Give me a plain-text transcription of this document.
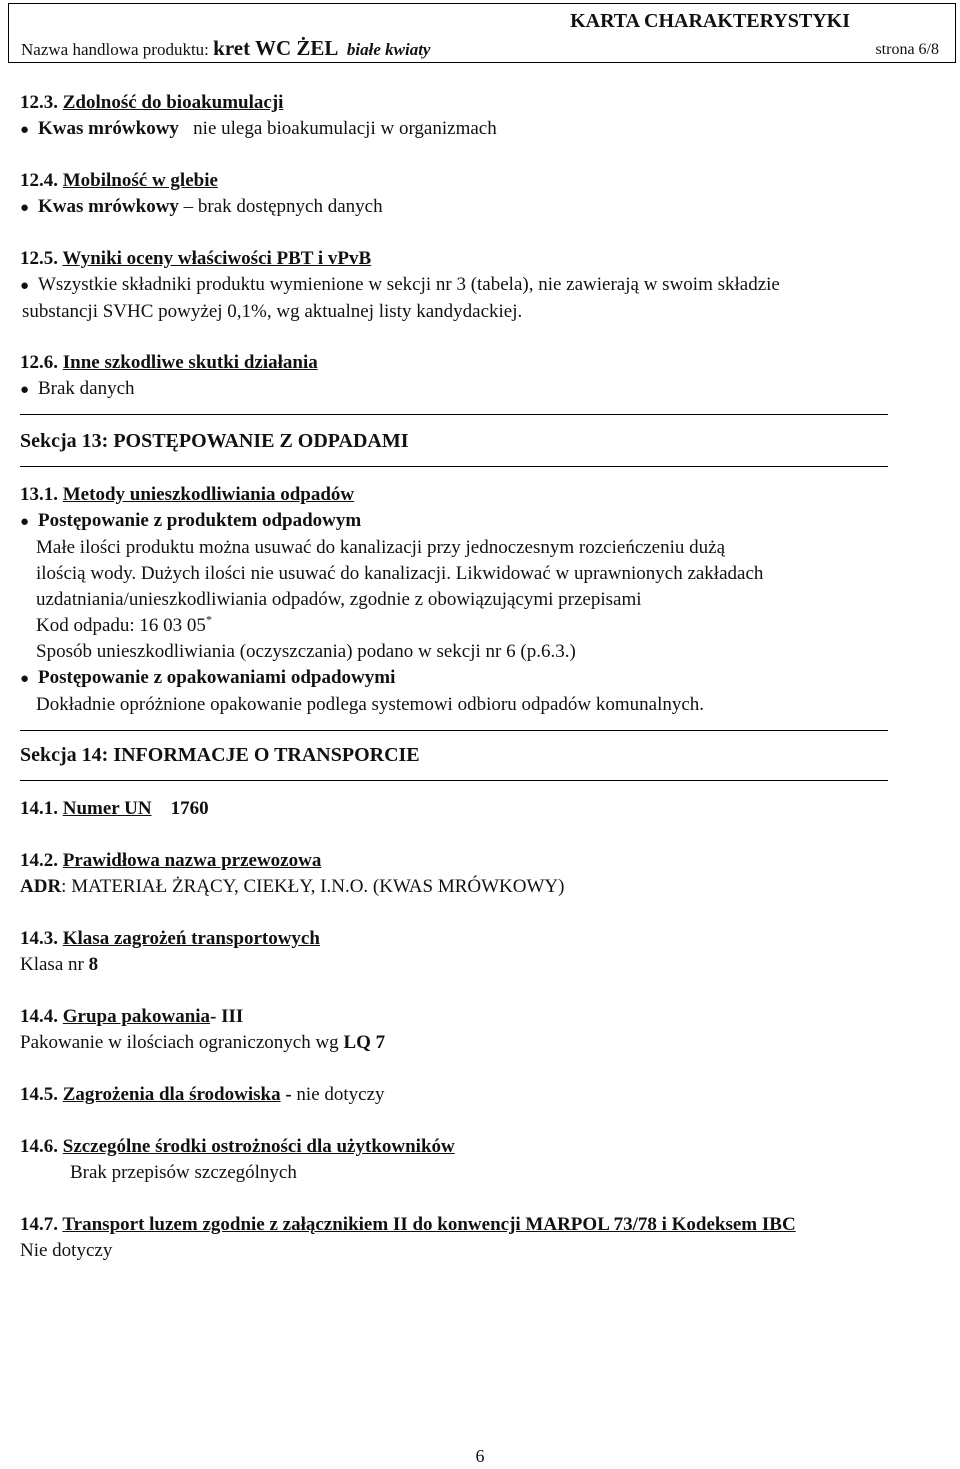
KARTA CHARAKTERYSTYKI
Nazwa handlowa produktu: kret WC ŻEL białe kwiaty	strona 6/8
12.3. Zdolność do bioakumulacji
● Kwas mrówkowy nie ulega bioakumulacji w organizmach
12.4. Mobilność w glebie
● Kwas mrówkowy – brak dostępnych danych
12.5. Wyniki oceny właściwości PBT i vPvB
● Wszystkie składniki produktu wymienione w sekcji nr 3 (tabela), nie zawierają w swoim składzie
substancji SVHC powyżej 0,1%, wg aktualnej listy kandydackiej.
12.6. Inne szkodliwe skutki działania
● Brak danych
Sekcja 13: POSTĘPOWANIE Z ODPADAMI
13.1. Metody unieszkodliwiania odpadów
● Postępowanie z produktem odpadowym
Małe ilości produktu można usuwać do kanalizacji przy jednoczesnym rozcieńczeniu dużą
ilością wody. Dużych ilości nie usuwać do kanalizacji. Likwidować w uprawnionych zakładach
uzdatniania/unieszkodliwiania odpadów, zgodnie z obowiązującymi przepisami
Kod odpadu: 16 03 05*
Sposób unieszkodliwiania (oczyszczania) podano w sekcji nr 6 (p.6.3.)
● Postępowanie z opakowaniami odpadowymi
Dokładnie opróżnione opakowanie podlega systemowi odbioru odpadów komunalnych.
Sekcja 14: INFORMACJE O TRANSPORCIE
14.1. Numer UN 1760
14.2. Prawidłowa nazwa przewozowa
ADR: MATERIAŁ ŻRĄCY, CIEKŁY, I.N.O. (KWAS MRÓWKOWY)
14.3. Klasa zagrożeń transportowych
Klasa nr 8
14.4. Grupa pakowania- III
Pakowanie w ilościach ograniczonych wg LQ 7
14.5. Zagrożenia dla środowiska - nie dotyczy
14.6. Szczególne środki ostrożności dla użytkowników
Brak przepisów szczególnych
14.7. Transport luzem zgodnie z załącznikiem II do konwencji MARPOL 73/78 i Kodeksem IBC
Nie dotyczy
6
